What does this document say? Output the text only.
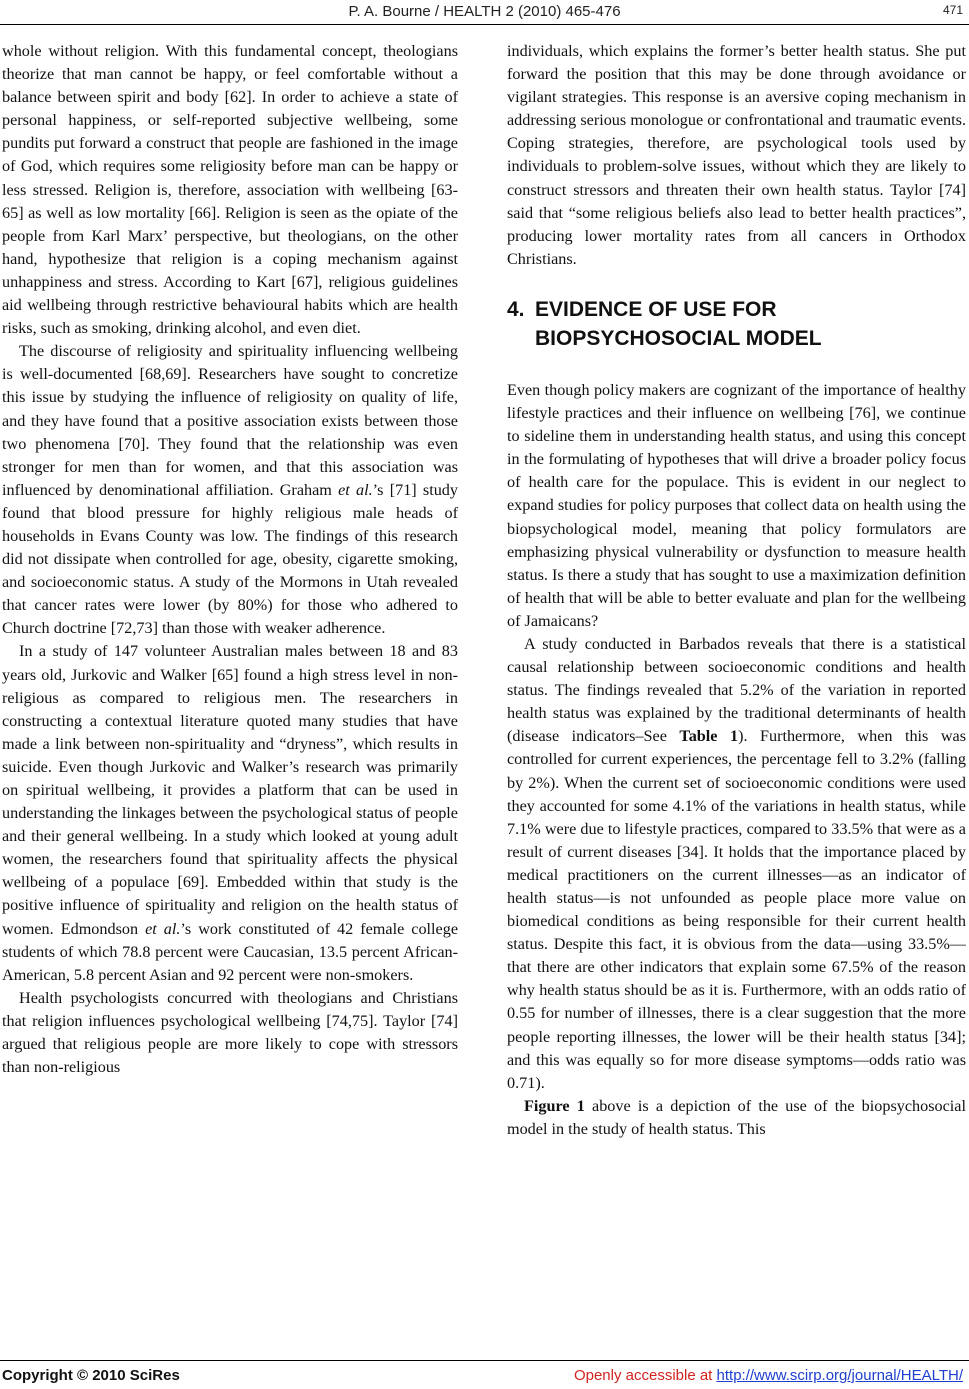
P. A. Bourne / HEALTH 2 (2010) 465-476	471

whole without religion. With this fundamental concept, theologians theorize that man cannot be happy, or feel comfortable without a balance between spirit and body [62]. In order to achieve a state of personal happiness, or self-reported subjective wellbeing, some pundits put forward a construct that people are fashioned in the image of God, which requires some religiosity before man can be happy or less stressed. Religion is, therefore, association with wellbeing [63-65] as well as low mortality [66]. Religion is seen as the opiate of the people from Karl Marx’ perspective, but theologians, on the other hand, hypothesize that religion is a coping mechanism against unhappiness and stress. According to Kart [67], religious guidelines aid wellbeing through restrictive behavioural habits which are health risks, such as smoking, drinking alcohol, and even diet.

The discourse of religiosity and spirituality influencing wellbeing is well-documented [68,69]. Researchers have sought to concretize this issue by studying the influence of religiosity on quality of life, and they have found that a positive association exists between those two phenomena [70]. They found that the relationship was even stronger for men than for women, and that this association was influenced by denominational affiliation. Graham et al.’s [71] study found that blood pressure for highly religious male heads of households in Evans County was low. The findings of this research did not dissipate when controlled for age, obesity, cigarette smoking, and socioeconomic status. A study of the Mormons in Utah revealed that cancer rates were lower (by 80%) for those who adhered to Church doctrine [72,73] than those with weaker adherence.

In a study of 147 volunteer Australian males between 18 and 83 years old, Jurkovic and Walker [65] found a high stress level in non-religious as compared to religious men. The researchers in constructing a contextual literature quoted many studies that have made a link between non-spirituality and “dryness”, which results in suicide. Even though Jurkovic and Walker’s research was primarily on spiritual wellbeing, it provides a platform that can be used in understanding the linkages between the psychological status of people and their general wellbeing. In a study which looked at young adult women, the researchers found that spirituality affects the physical wellbeing of a populace [69]. Embedded within that study is the positive influence of spirituality and religion on the health status of women. Edmondson et al.’s work constituted of 42 female college students of which 78.8 percent were Caucasian, 13.5 percent African-American, 5.8 percent Asian and 92 percent were non-smokers.

Health psychologists concurred with theologians and Christians that religion influences psychological wellbeing [74,75]. Taylor [74] argued that religious people are more likely to cope with stressors than non-religious

individuals, which explains the former’s better health status. She put forward the position that this may be done through avoidance or vigilant strategies. This response is an aversive coping mechanism in addressing serious monologue or confrontational and traumatic events. Coping strategies, therefore, are psychological tools used by individuals to problem-solve issues, without which they are likely to construct stressors and threaten their own health status. Taylor [74] said that “some religious beliefs also lead to better health practices”, producing lower mortality rates from all cancers in Orthodox Christians.

4. EVIDENCE OF USE FOR BIOPSYCHOSOCIAL MODEL

Even though policy makers are cognizant of the importance of healthy lifestyle practices and their influence on wellbeing [76], we continue to sideline them in understanding health status, and using this concept in the formulating of hypotheses that will drive a broader policy focus of health care for the populace. This is evident in our neglect to expand studies for policy purposes that collect data on health using the biopsychological model, meaning that policy formulators are emphasizing physical vulnerability or dysfunction to measure health status. Is there a study that has sought to use a maximization definition of health that will be able to better evaluate and plan for the wellbeing of Jamaicans?

A study conducted in Barbados reveals that there is a statistical causal relationship between socioeconomic conditions and health status. The findings revealed that 5.2% of the variation in reported health status was explained by the traditional determinants of health (disease indicators–See Table 1). Furthermore, when this was controlled for current experiences, the percentage fell to 3.2% (falling by 2%). When the current set of socioeconomic conditions were used they accounted for some 4.1% of the variations in health status, while 7.1% were due to lifestyle practices, compared to 33.5% that were as a result of current diseases [34]. It holds that the importance placed by medical practitioners on the current illnesses—as an indicator of health status—is not unfounded as people place more value on biomedical conditions as being responsible for their current health status. Despite this fact, it is obvious from the data—using 33.5%—that there are other indicators that explain some 67.5% of the reason why health status should be as it is. Furthermore, with an odds ratio of 0.55 for number of illnesses, there is a clear suggestion that the more people reporting illnesses, the lower will be their health status [34]; and this was equally so for more disease symptoms—odds ratio was 0.71).

Figure 1 above is a depiction of the use of the biopsychosocial model in the study of health status. This

Copyright © 2010 SciRes	Openly accessible at http://www.scirp.org/journal/HEALTH/
